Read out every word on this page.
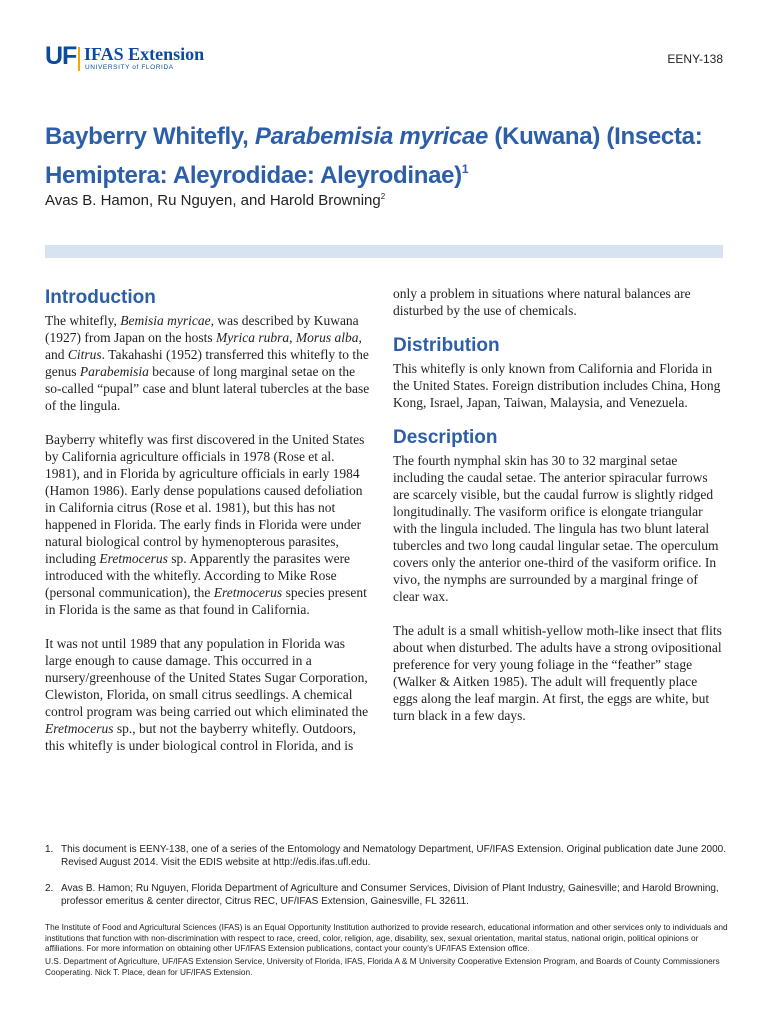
UF IFAS Extension
UNIVERSITY of FLORIDA
EENY-138
Bayberry Whitefly, Parabemisia myricae (Kuwana) (Insecta: Hemiptera: Aleyrodidae: Aleyrodinae)$^1$
Avas B. Hamon, Ru Nguyen, and Harold Browning$^2$
Introduction

The whitefly, Bemisia myricae, was described by Kuwana (1927) from Japan on the hosts Myrica rubra, Morus alba, and Citrus. Takahashi (1952) transferred this whitefly to the genus Parabemisia because of long marginal setae on the so-called “pupal” case and blunt lateral tubercles at the base of the lingula.

Bayberry whitefly was first discovered in the United States by California agriculture officials in 1978 (Rose et al. 1981), and in Florida by agriculture officials in early 1984 (Hamon 1986). Early dense populations caused defoliation in California citrus (Rose et al. 1981), but this has not happened in Florida. The early finds in Florida were under natural biological control by hymenopterous parasites, including Eretmocerus sp. Apparently the parasites were introduced with the whitefly. According to Mike Rose (personal communication), the Eretmocerus species present in Florida is the same as that found in California.

It was not until 1989 that any population in Florida was large enough to cause damage. This occurred in a nursery/greenhouse of the United States Sugar Corporation, Clewiston, Florida, on small citrus seedlings. A chemical control program was being carried out which eliminated the Eretmocerus sp., but not the bayberry whitefly. Outdoors, this whitefly is under biological control in Florida, and is

only a problem in situations where natural balances are disturbed by the use of chemicals.

Distribution

This whitefly is only known from California and Florida in the United States. Foreign distribution includes China, Hong Kong, Israel, Japan, Taiwan, Malaysia, and Venezuela.

Description

The fourth nymphal skin has 30 to 32 marginal setae including the caudal setae. The anterior spiracular furrows are scarcely visible, but the caudal furrow is slightly ridged longitudinally. The vasiform orifice is elongate triangular with the lingula included. The lingula has two blunt lateral tubercles and two long caudal lingular setae. The operculum covers only the anterior one-third of the vasiform orifice. In vivo, the nymphs are surrounded by a marginal fringe of clear wax.

The adult is a small whitish-yellow moth-like insect that flits about when disturbed. The adults have a strong ovipositional preference for very young foliage in the “feather” stage (Walker & Aitken 1985). The adult will frequently place eggs along the leaf margin. At first, the eggs are white, but turn black in a few days.

1. This document is EENY-138, one of a series of the Entomology and Nematology Department, UF/IFAS Extension. Original publication date June 2000. Revised August 2014. Visit the EDIS website at http://edis.ifas.ufl.edu.
2. Avas B. Hamon; Ru Nguyen, Florida Department of Agriculture and Consumer Services, Division of Plant Industry, Gainesville; and Harold Browning, professor emeritus & center director, Citrus REC, UF/IFAS Extension, Gainesville, FL 32611.

The Institute of Food and Agricultural Sciences (IFAS) is an Equal Opportunity Institution authorized to provide research, educational information and other services only to individuals and institutions that function with non-discrimination with respect to race, creed, color, religion, age, disability, sex, sexual orientation, marital status, national origin, political opinions or affiliations. For more information on obtaining other UF/IFAS Extension publications, contact your county’s UF/IFAS Extension office.

U.S. Department of Agriculture, UF/IFAS Extension Service, University of Florida, IFAS, Florida A & M University Cooperative Extension Program, and Boards of County Commissioners Cooperating. Nick T. Place, dean for UF/IFAS Extension.
